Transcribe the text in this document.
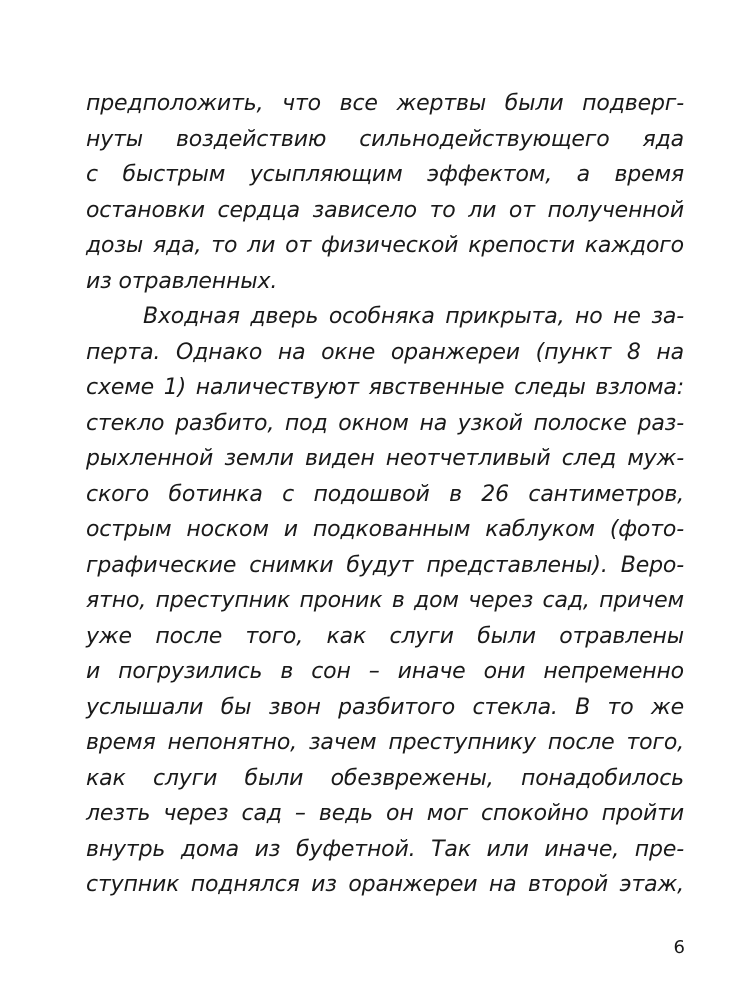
предположить, что все жертвы были подверг-
нуты воздействию сильнодействующего яда
с быстрым усыпляющим эффектом, а время
остановки сердца зависело то ли от полученной
дозы яда, то ли от физической крепости каждого
из отравленных.
Входная дверь особняка прикрыта, но не за-
перта. Однако на окне оранжереи (пункт 8 на
схеме 1) наличествуют явственные следы взлома:
стекло разбито, под окном на узкой полоске раз-
рыхленной земли виден неотчетливый след муж-
ского ботинка с подошвой в 26 сантиметров,
острым носком и подкованным каблуком (фото-
графические снимки будут представлены). Веро-
ятно, преступник проник в дом через сад, причем
уже после того, как слуги были отравлены
и погрузились в сон – иначе они непременно
услышали бы звон разбитого стекла. В то же
время непонятно, зачем преступнику после того,
как слуги были обезврежены, понадобилось
лезть через сад – ведь он мог спокойно пройти
внутрь дома из буфетной. Так или иначе, пре-
ступник поднялся из оранжереи на второй этаж,
6
